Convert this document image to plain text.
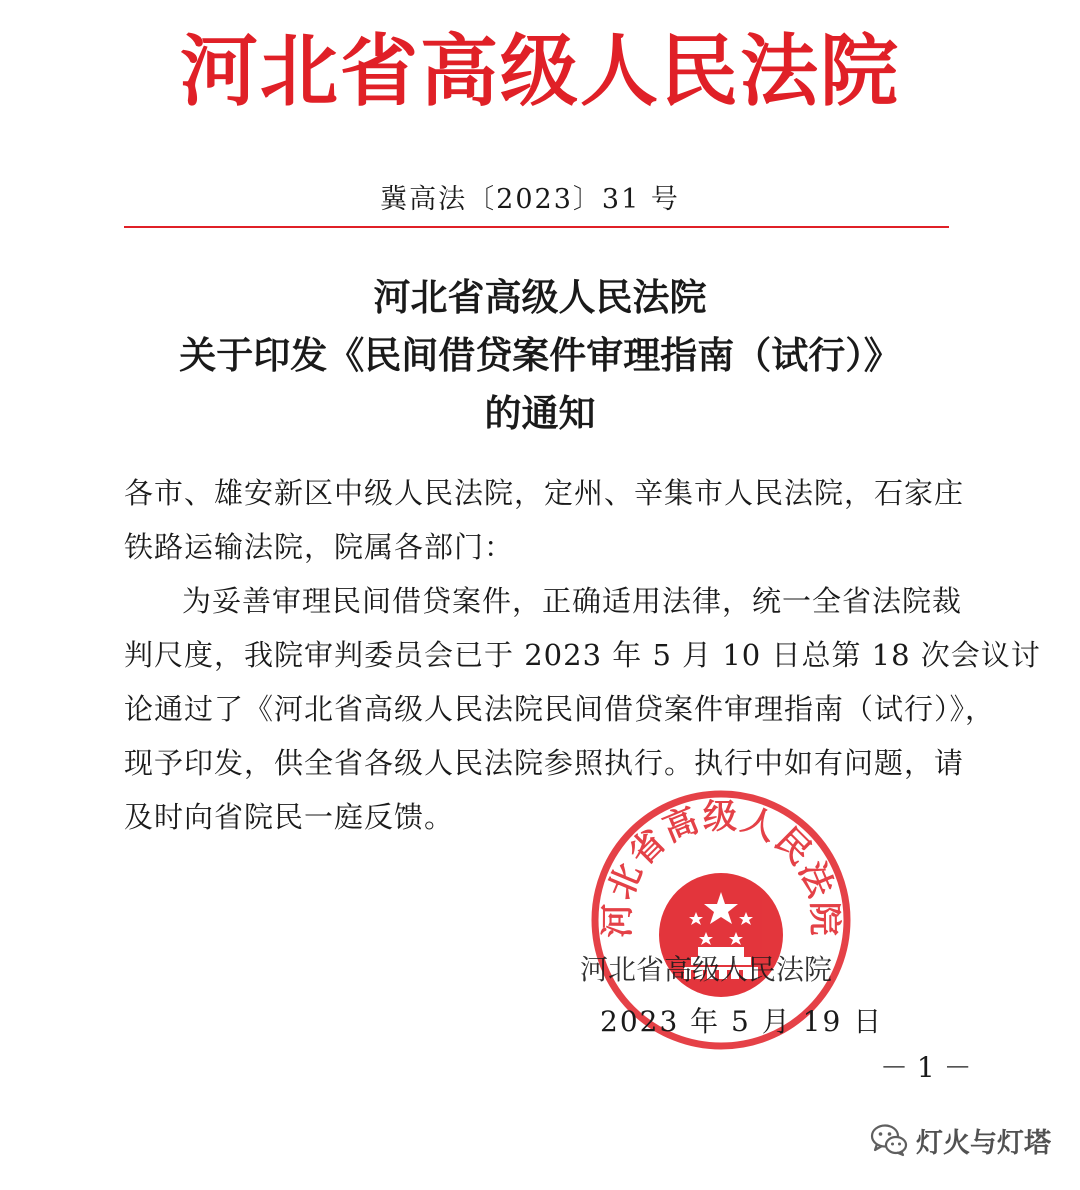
河北省高级人民法院
冀高法〔2023〕31 号
河北省高级人民法院
关于印发《民间借贷案件审理指南（试行）》
的通知
各市、雄安新区中级人民法院，定州、辛集市人民法院，石家庄
铁路运输法院，院属各部门：
为妥善审理民间借贷案件，正确适用法律，统一全省法院裁
判尺度，我院审判委员会已于 2023 年 5 月 10 日总第 18 次会议讨
论通过了《河北省高级人民法院民间借贷案件审理指南（试行）》，
现予印发，供全省各级人民法院参照执行。执行中如有问题，请
及时向省院民一庭反馈。
河北省高级人民法院
河北省高级人民法院
2023 年 5 月 19 日
－ 1 －
灯火与灯塔
